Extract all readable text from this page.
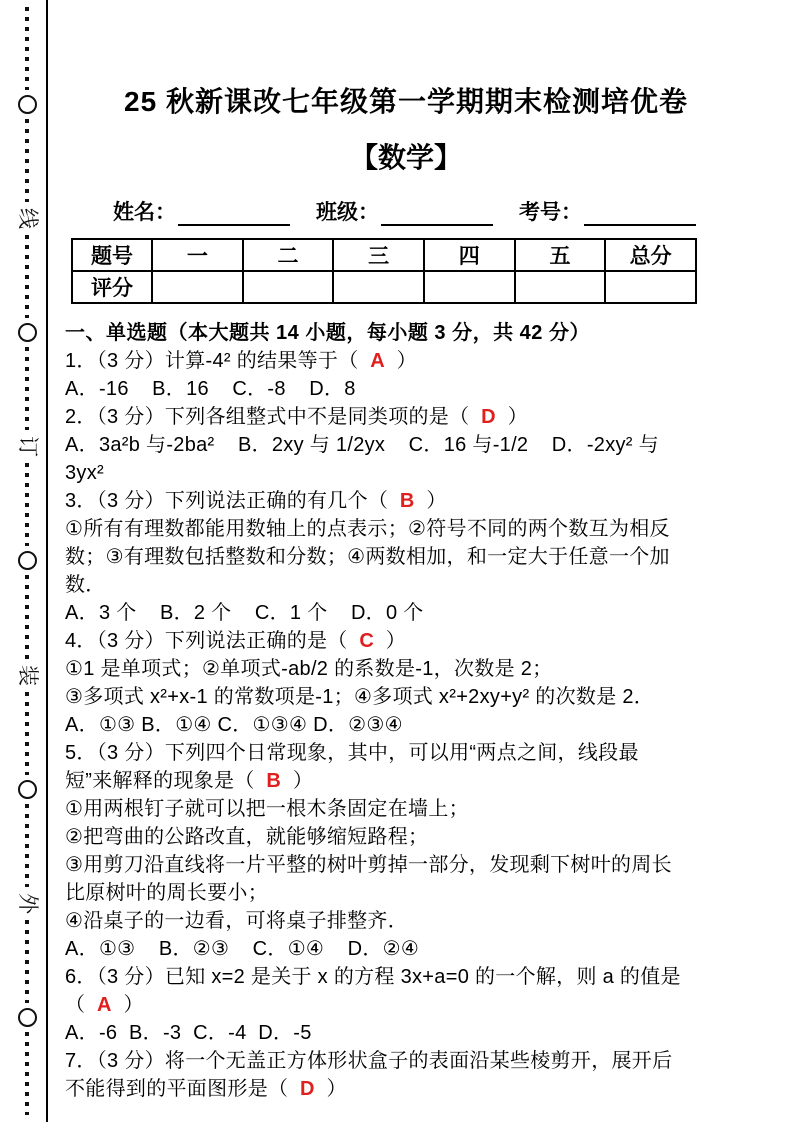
线
订
装
外
25 秋新课改七年级第一学期期末检测培优卷
【数学】
姓名：	班级：	考号：
题号	一	二	三	四	五	总分
评分						
一、单选题（本大题共 14 小题，每小题 3 分，共 42 分）
1．（3 分）计算-4² 的结果等于（  A  ）
A．-16    B．16    C．-8    D．8
2．（3 分）下列各组整式中不是同类项的是（  D  ）
A．3a²b 与-2ba²    B．2xy 与 1/2yx    C．16 与-1/2    D．-2xy² 与
3yx²
3．（3 分）下列说法正确的有几个（  B  ）
①所有有理数都能用数轴上的点表示；②符号不同的两个数互为相反
数；③有理数包括整数和分数；④两数相加，和一定大于任意一个加
数．
A．3 个    B．2 个    C．1 个    D．0 个
4．（3 分）下列说法正确的是（  C  ）
①1 是单项式；②单项式-ab/2 的系数是-1，次数是 2；
③多项式 x²+x-1 的常数项是-1；④多项式 x²+2xy+y² 的次数是 2．
A．①③ B．①④ C．①③④ D．②③④
5．（3 分）下列四个日常现象，其中，可以用“两点之间，线段最
短”来解释的现象是（  B  ）
①用两根钉子就可以把一根木条固定在墙上；
②把弯曲的公路改直，就能够缩短路程；
③用剪刀沿直线将一片平整的树叶剪掉一部分，发现剩下树叶的周长
比原树叶的周长要小；
④沿桌子的一边看，可将桌子排整齐．
A．①③    B．②③    C．①④    D．②④
6．（3 分）已知 x=2 是关于 x 的方程 3x+a=0 的一个解，则 a 的值是
（  A  ）
A．-6  B．-3  C．-4  D．-5
7．（3 分）将一个无盖正方体形状盒子的表面沿某些棱剪开，展开后
不能得到的平面图形是（  D  ）
